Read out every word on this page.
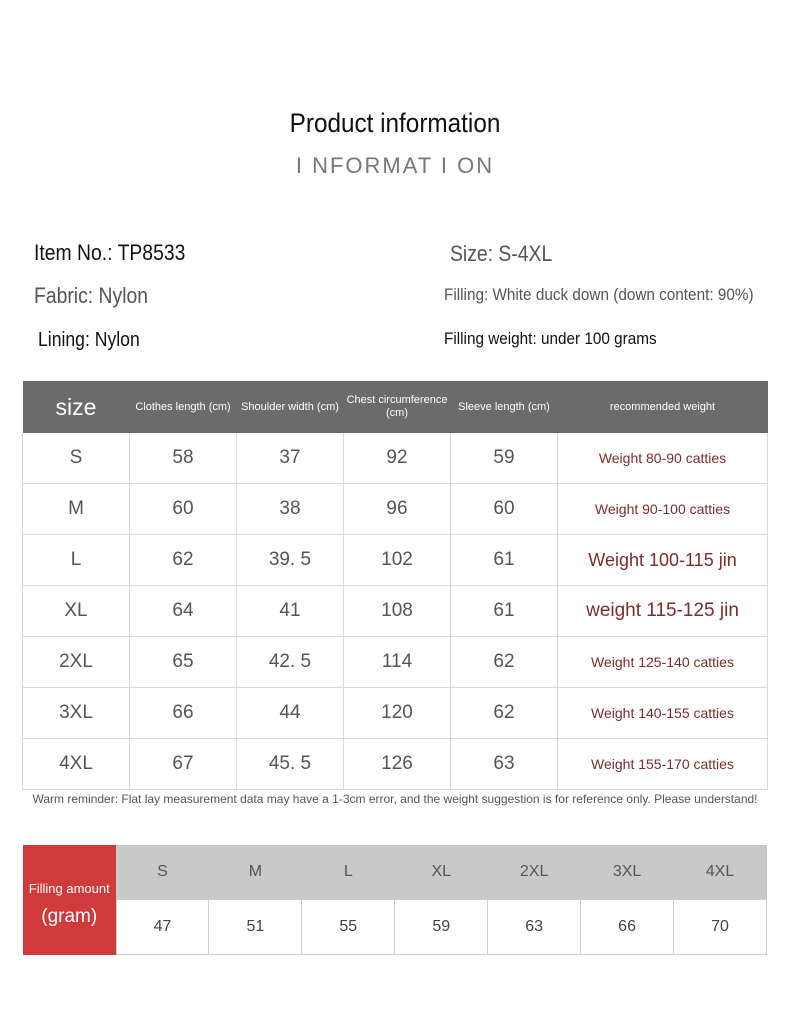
Product information
I NFORMAT I ON
Item No.: TP8533	Size: S-4XL
Fabric: Nylon	Filling: White duck down (down content: 90%)
Lining: Nylon	Filling weight: under 100 grams
size	Clothes length (cm)	Shoulder width (cm)	Chest circumference (cm)	Sleeve length (cm)	recommended weight
S	58	37	92	59	Weight 80-90 catties
M	60	38	96	60	Weight 90-100 catties
L	62	39. 5	102	61	Weight 100-115 jin
XL	64	41	108	61	weight 115-125 jin
2XL	65	42. 5	114	62	Weight 125-140 catties
3XL	66	44	120	62	Weight 140-155 catties
4XL	67	45. 5	126	63	Weight 155-170 catties
Warm reminder: Flat lay measurement data may have a 1-3cm error, and the weight suggestion is for reference only. Please understand!
Filling amount
(gram)	S	M	L	XL	2XL	3XL	4XL
	47	51	55	59	63	66	70
